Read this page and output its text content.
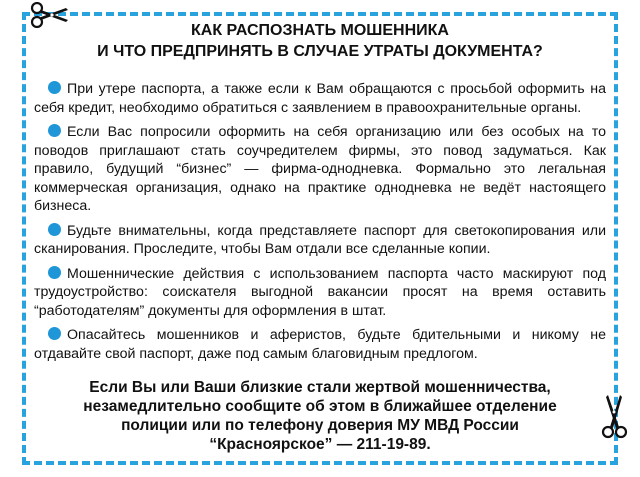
КАК РАСПОЗНАТЬ МОШЕННИКА
И ЧТО ПРЕДПРИНЯТЬ В СЛУЧАЕ УТРАТЫ ДОКУМЕНТА?

При утере паспорта, а также если к Вам обращаются с просьбой оформить на себя кредит, необходимо обратиться с заявлением в правоохранительные органы.

Если Вас попросили оформить на себя организацию или без особых на то поводов приглашают стать соучредителем фирмы, это повод задуматься. Как правило, будущий “бизнес” — фирма-однодневка. Формально это легальная коммерческая организация, однако на практике однодневка не ведёт настоящего бизнеса.

Будьте внимательны, когда представляете паспорт для светокопирования или сканирования. Проследите, чтобы Вам отдали все сделанные копии.

Мошеннические действия с использованием паспорта часто маскируют под трудоустройство: соискателя выгодной вакансии просят на время оставить “работодателям” документы для оформления в штат.

Опасайтесь мошенников и аферистов, будьте бдительными и никому не отдавайте свой паспорт, даже под самым благовидным предлогом.

Если Вы или Ваши близкие стали жертвой мошенничества,
незамедлительно сообщите об этом в ближайшее отделение
полиции или по телефону доверия МУ МВД России
“Красноярское” — 211-19-89.
